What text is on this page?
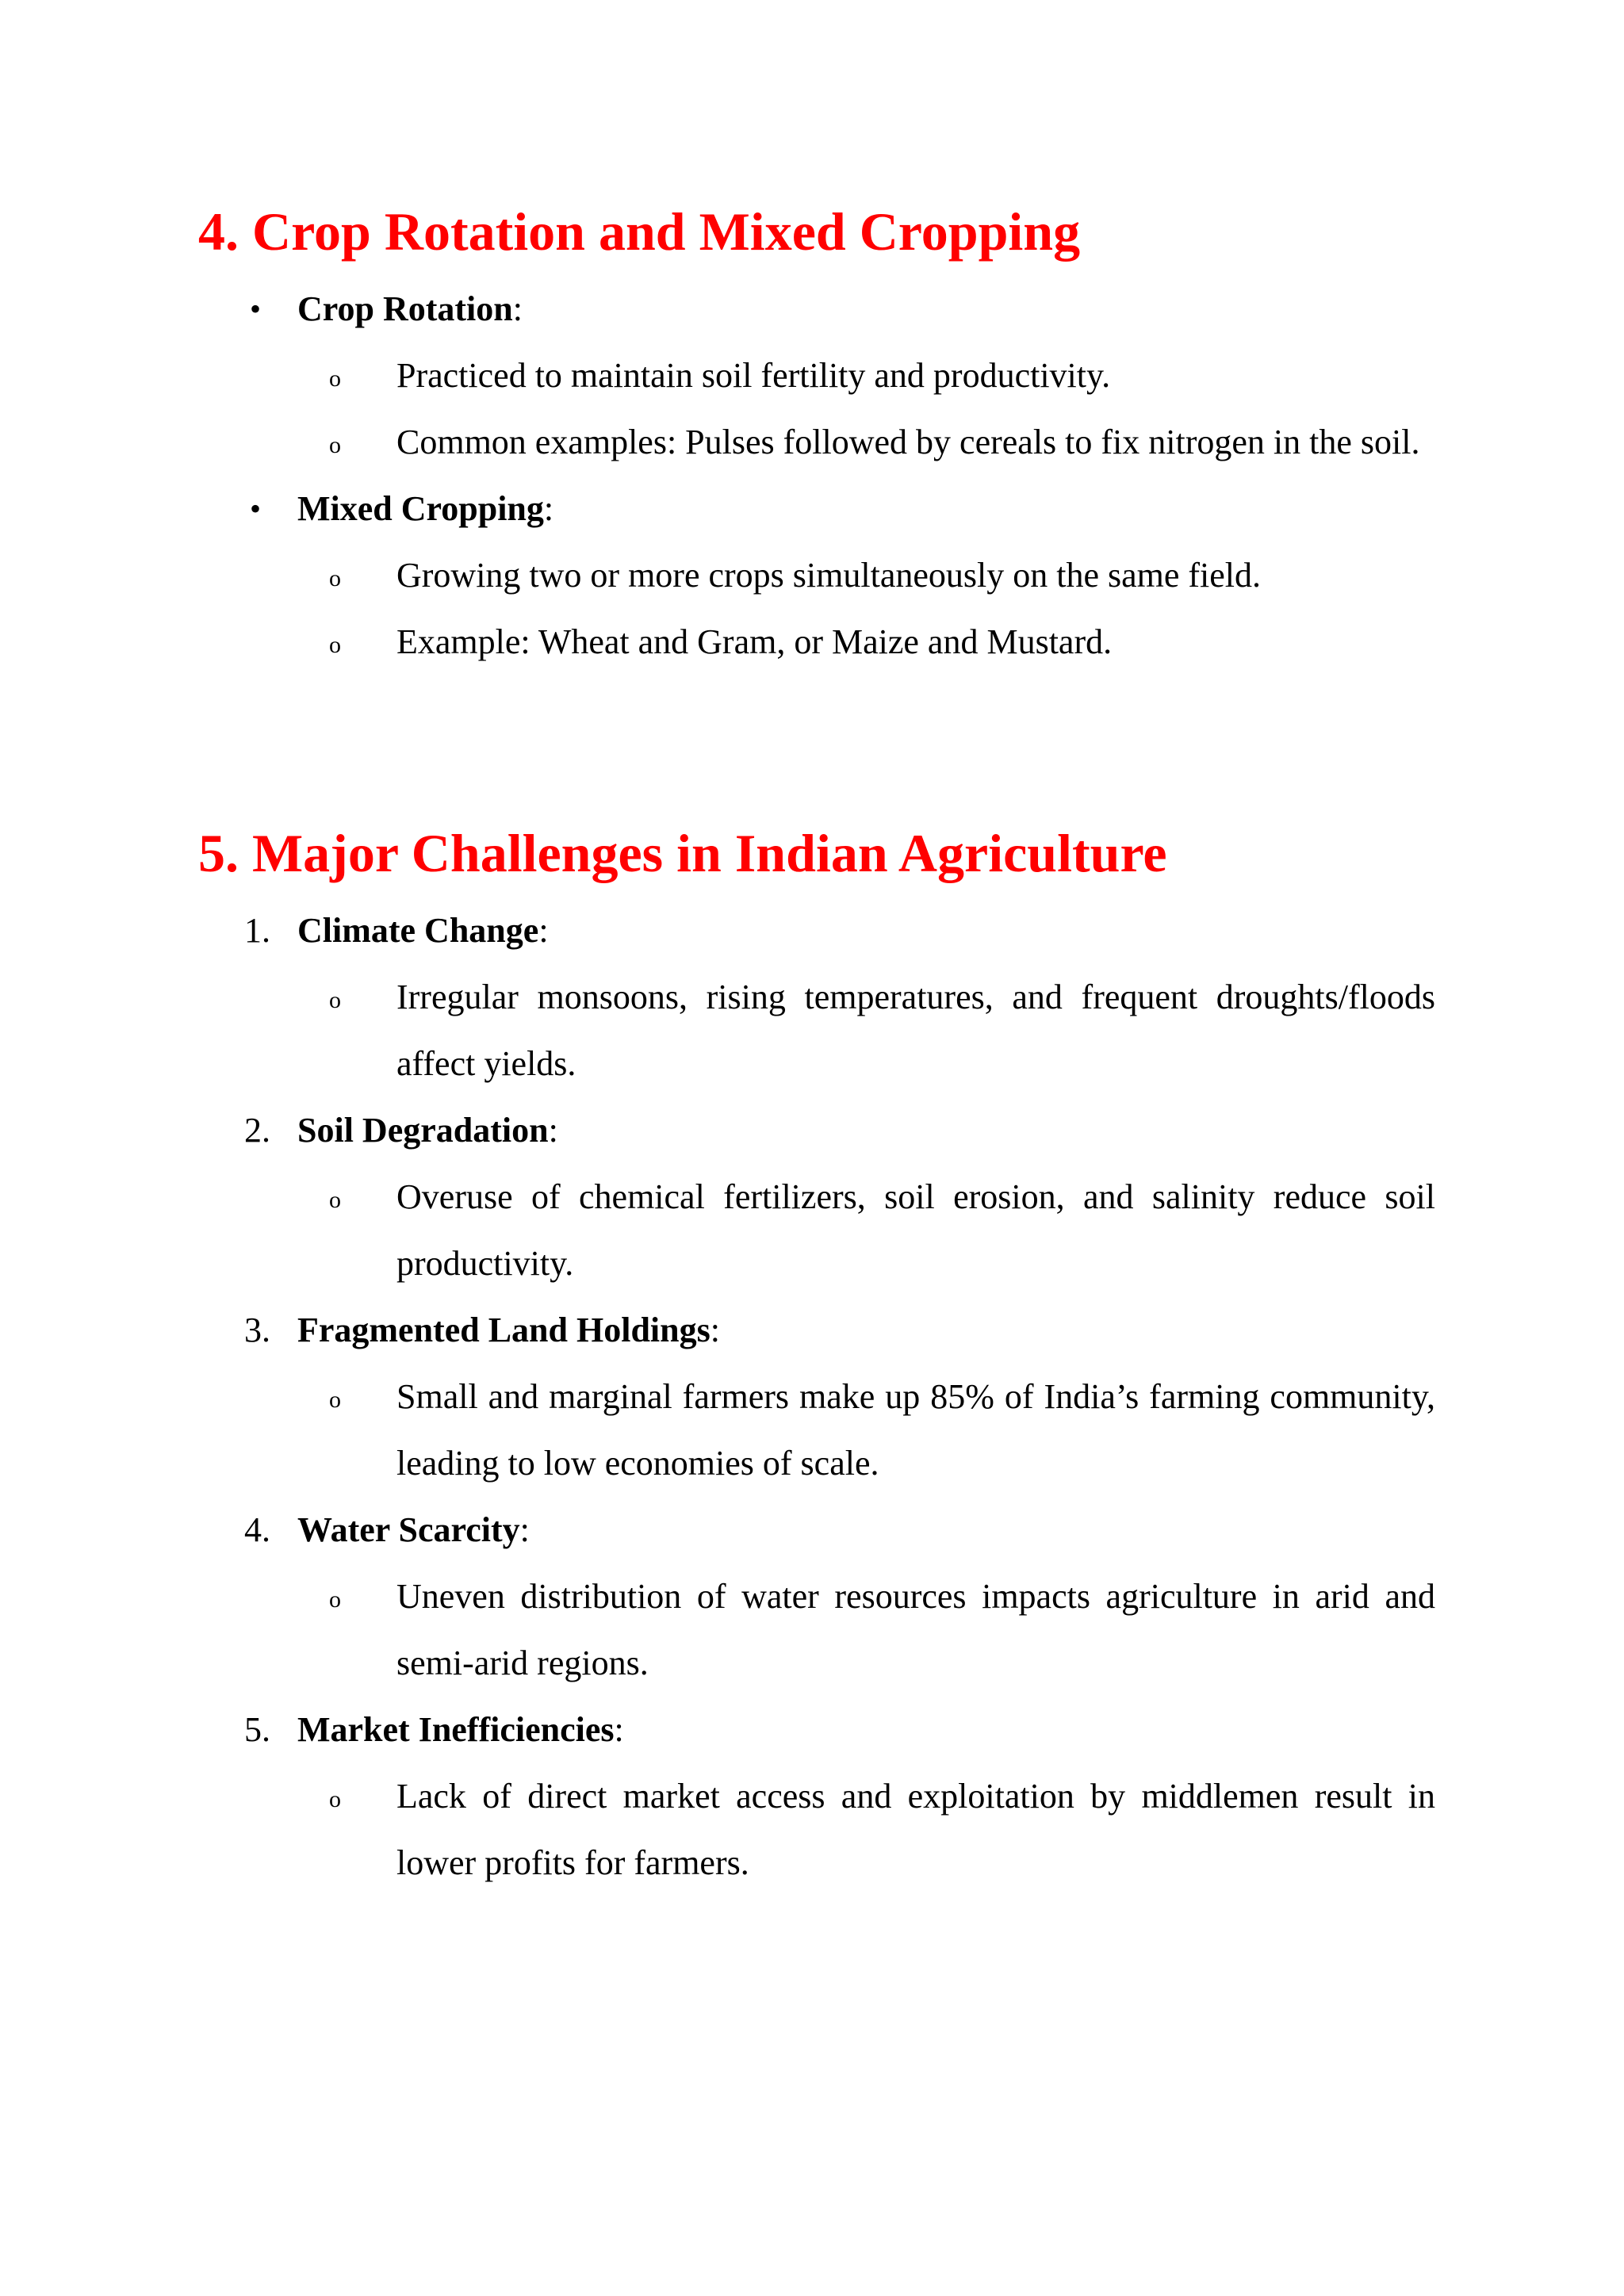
4. Crop Rotation and Mixed Cropping
• Crop Rotation:
o Practiced to maintain soil fertility and productivity.
o Common examples: Pulses followed by cereals to fix nitrogen in the soil.
• Mixed Cropping:
o Growing two or more crops simultaneously on the same field.
o Example: Wheat and Gram, or Maize and Mustard.
5. Major Challenges in Indian Agriculture
1. Climate Change:
o Irregular monsoons, rising temperatures, and frequent droughts/floods affect yields.
2. Soil Degradation:
o Overuse of chemical fertilizers, soil erosion, and salinity reduce soil productivity.
3. Fragmented Land Holdings:
o Small and marginal farmers make up 85% of India’s farming community, leading to low economies of scale.
4. Water Scarcity:
o Uneven distribution of water resources impacts agriculture in arid and semi-arid regions.
5. Market Inefficiencies:
o Lack of direct market access and exploitation by middlemen result in lower profits for farmers.
